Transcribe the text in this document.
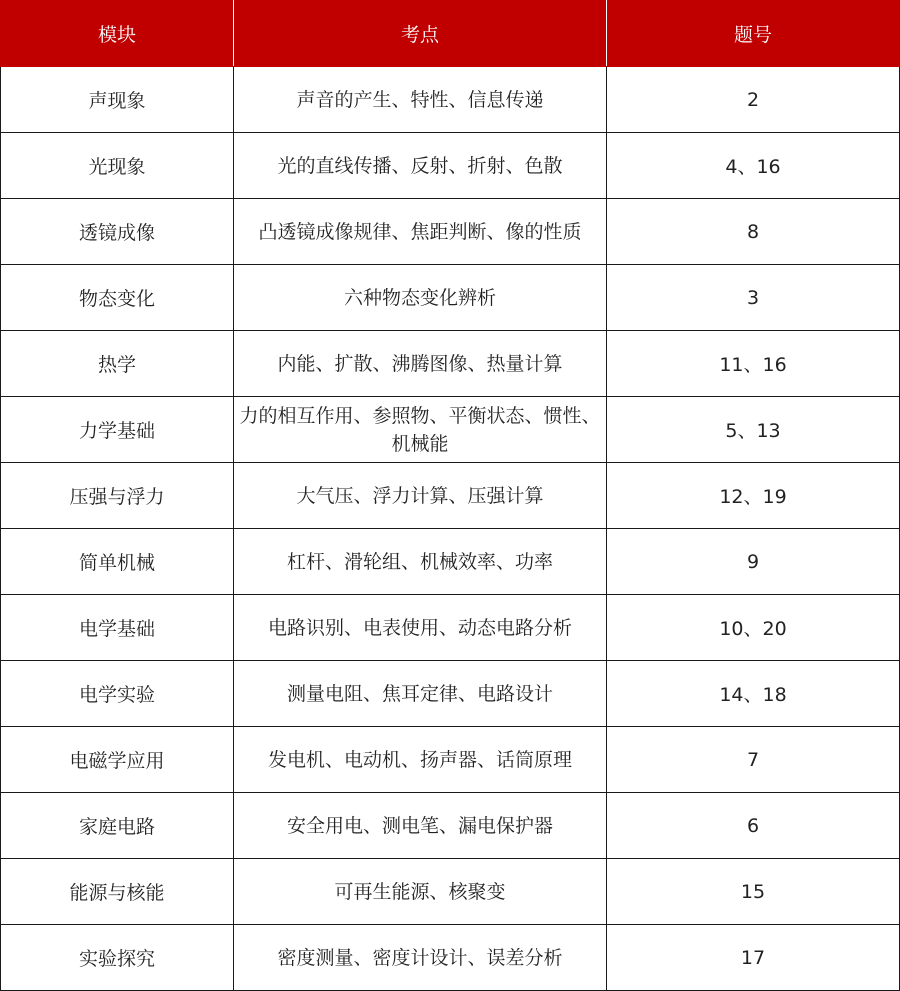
模块	考点	题号
声现象	声音的产生、特性、信息传递	2
光现象	光的直线传播、反射、折射、色散	4、16
透镜成像	凸透镜成像规律、焦距判断、像的性质	8
物态变化	六种物态变化辨析	3
热学	内能、扩散、沸腾图像、热量计算	11、16
力学基础	力的相互作用、参照物、平衡状态、惯性、机械能	5、13
压强与浮力	大气压、浮力计算、压强计算	12、19
简单机械	杠杆、滑轮组、机械效率、功率	9
电学基础	电路识别、电表使用、动态电路分析	10、20
电学实验	测量电阻、焦耳定律、电路设计	14、18
电磁学应用	发电机、电动机、扬声器、话筒原理	7
家庭电路	安全用电、测电笔、漏电保护器	6
能源与核能	可再生能源、核聚变	15
实验探究	密度测量、密度计设计、误差分析	17
